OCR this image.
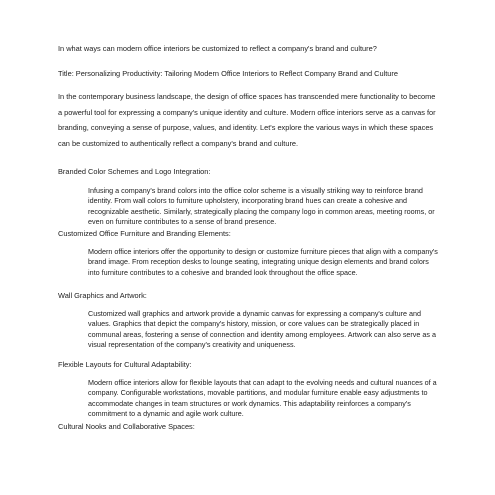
In what ways can modern office interiors be customized to reflect a company's brand and culture?

Title: Personalizing Productivity: Tailoring Modern Office Interiors to Reflect Company Brand and Culture

In the contemporary business landscape, the design of office spaces has transcended mere functionality to become a powerful tool for expressing a company's unique identity and culture. Modern office interiors serve as a canvas for branding, conveying a sense of purpose, values, and identity. Let's explore the various ways in which these spaces can be customized to authentically reflect a company's brand and culture.

Branded Color Schemes and Logo Integration:

Infusing a company's brand colors into the office color scheme is a visually striking way to reinforce brand identity. From wall colors to furniture upholstery, incorporating brand hues can create a cohesive and recognizable aesthetic. Similarly, strategically placing the company logo in common areas, meeting rooms, or even on furniture contributes to a sense of brand presence.

Customized Office Furniture and Branding Elements:

Modern office interiors offer the opportunity to design or customize furniture pieces that align with a company's brand image. From reception desks to lounge seating, integrating unique design elements and brand colors into furniture contributes to a cohesive and branded look throughout the office space.

Wall Graphics and Artwork:

Customized wall graphics and artwork provide a dynamic canvas for expressing a company's culture and values. Graphics that depict the company's history, mission, or core values can be strategically placed in communal areas, fostering a sense of connection and identity among employees. Artwork can also serve as a visual representation of the company's creativity and uniqueness.

Flexible Layouts for Cultural Adaptability:

Modern office interiors allow for flexible layouts that can adapt to the evolving needs and cultural nuances of a company. Configurable workstations, movable partitions, and modular furniture enable easy adjustments to accommodate changes in team structures or work dynamics. This adaptability reinforces a company's commitment to a dynamic and agile work culture.

Cultural Nooks and Collaborative Spaces:
